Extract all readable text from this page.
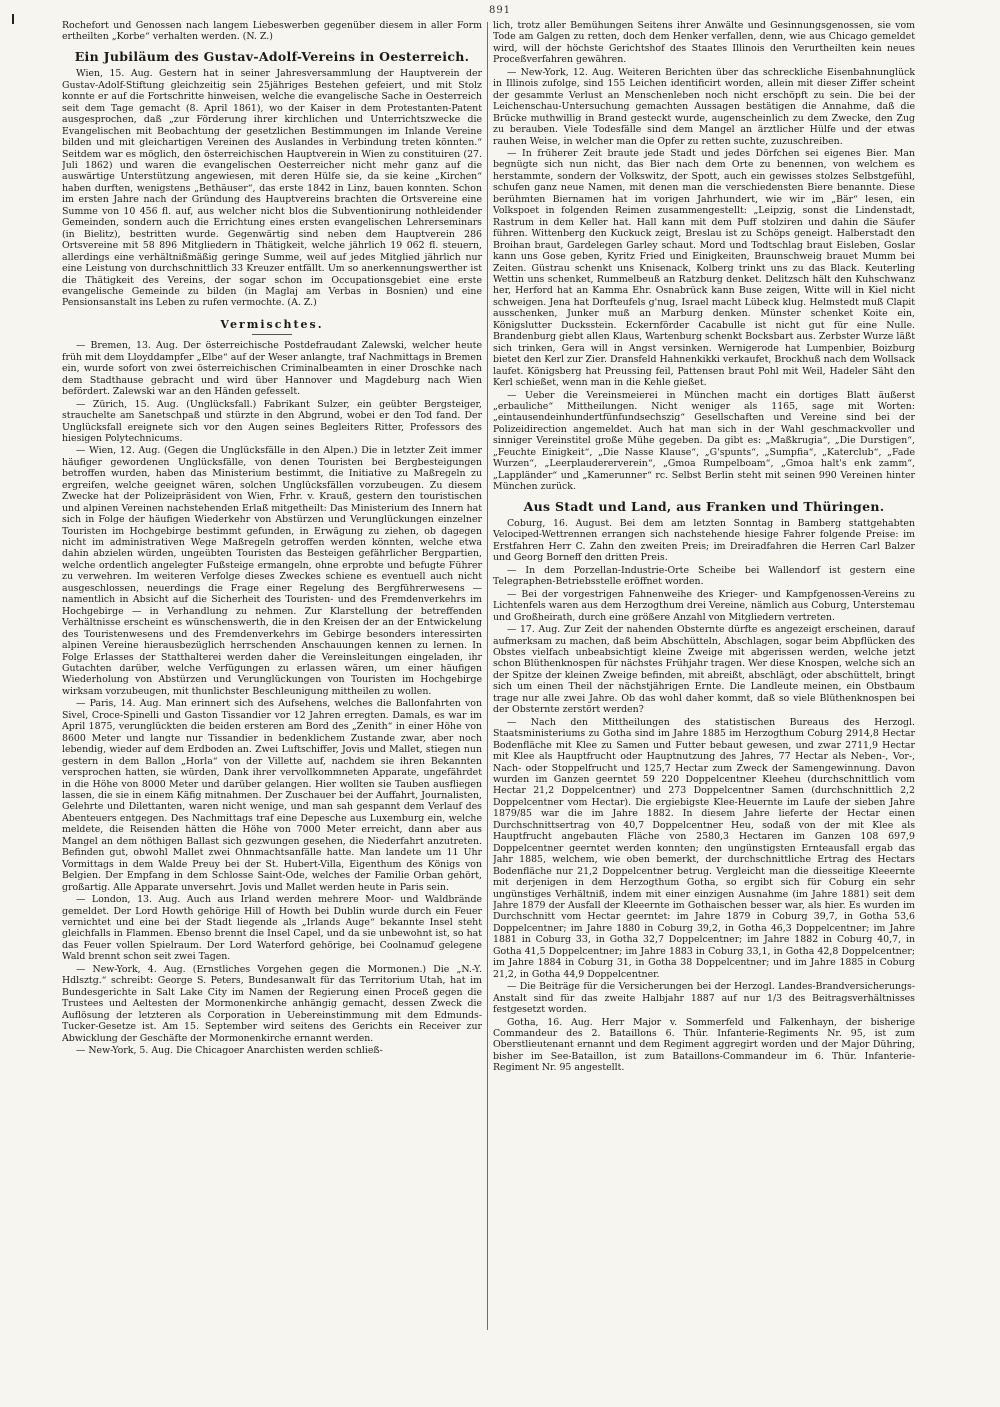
891

Rochefort und Genossen nach langem Liebeswerben gegenüber diesem in aller Form ertheilten „Korbe“ verhalten werden. (N. Z.)

Ein Jubiläum des Gustav-Adolf-Vereins in Oesterreich.

Wien, 15. Aug. Gestern hat in seiner Jahresversammlung der Hauptverein der Gustav-Adolf-Stiftung gleichzeitig sein 25jähriges Bestehen gefeiert, und mit Stolz konnte er auf die Fortschritte hinweisen, welche die evangelische Sache in Oesterreich seit dem Tage gemacht (8. April 1861), wo der Kaiser in dem Protestanten-Patent ausgesprochen, daß „zur Förderung ihrer kirchlichen und Unterrichtszwecke die Evangelischen mit Beobachtung der gesetzlichen Bestimmungen im Inlande Vereine bilden und mit gleichartigen Vereinen des Auslandes in Verbindung treten könnten.“ Seitdem war es möglich, den österreichischen Hauptverein in Wien zu constituiren (27. Juli 1862) und waren die evangelischen Oesterreicher nicht mehr ganz auf die auswärtige Unterstützung angewiesen, mit deren Hülfe sie, da sie keine „Kirchen“ haben durften, wenigstens „Bethäuser“, das erste 1842 in Linz, bauen konnten. Schon im ersten Jahre nach der Gründung des Hauptvereins brachten die Ortsvereine eine Summe von 10 456 fl. auf, aus welcher nicht blos die Subventionirung nothleidender Gemeinden, sondern auch die Errichtung eines ersten evangelischen Lehrerseminars (in Bielitz), bestritten wurde. Gegenwärtig sind neben dem Hauptverein 286 Ortsvereine mit 58 896 Mitgliedern in Thätigkeit, welche jährlich 19 062 fl. steuern, allerdings eine verhältnißmäßig geringe Summe, weil auf jedes Mitglied jährlich nur eine Leistung von durchschnittlich 33 Kreuzer entfällt. Um so anerkennungswerther ist die Thätigkeit des Vereins, der sogar schon im Occupationsgebiet eine erste evangelische Gemeinde zu bilden (in Maglaj am Verbas in Bosnien) und eine Pensionsanstalt ins Leben zu rufen vermochte. (A. Z.)

Vermischtes.

— Bremen, 13. Aug. Der österreichische Postdefraudant Zalewski, welcher heute früh mit dem Lloyddampfer „Elbe“ auf der Weser anlangte, traf Nachmittags in Bremen ein, wurde sofort von zwei österreichischen Criminalbeamten in einer Droschke nach dem Stadthause gebracht und wird über Hannover und Magdeburg nach Wien befördert. Zalewski war an den Händen gefesselt.

— Zürich, 15. Aug. (Unglücksfall.) Fabrikant Sulzer, ein geübter Bergsteiger, strauchelte am Sanetschpaß und stürzte in den Abgrund, wobei er den Tod fand. Der Unglücksfall ereignete sich vor den Augen seines Begleiters Ritter, Professors des hiesigen Polytechnicums.

— Wien, 12. Aug. (Gegen die Unglücksfälle in den Alpen.) Die in letzter Zeit immer häufiger gewordenen Unglücksfälle, von denen Touristen bei Bergbesteigungen betroffen wurden, haben das Ministerium bestimmt, die Initiative zu Maßregeln zu ergreifen, welche geeignet wären, solchen Unglücksfällen vorzubeugen. Zu diesem Zwecke hat der Polizeipräsident von Wien, Frhr. v. Krauß, gestern den touristischen und alpinen Vereinen nachstehenden Erlaß mitgetheilt: Das Ministerium des Innern hat sich in Folge der häufigen Wiederkehr von Abstürzen und Verunglückungen einzelner Touristen im Hochgebirge bestimmt gefunden, in Erwägung zu ziehen, ob dagegen nicht im administrativen Wege Maßregeln getroffen werden könnten, welche etwa dahin abzielen würden, ungeübten Touristen das Besteigen gefährlicher Bergpartien, welche ordentlich angelegter Fußsteige ermangeln, ohne erprobte und befugte Führer zu verwehren. Im weiteren Verfolge dieses Zweckes schiene es eventuell auch nicht ausgeschlossen, neuerdings die Frage einer Regelung des Bergführerwesens — namentlich in Absicht auf die Sicherheit des Touristen- und des Fremdenverkehrs im Hochgebirge — in Verhandlung zu nehmen. Zur Klarstellung der betreffenden Verhältnisse erscheint es wünschenswerth, die in den Kreisen der an der Entwickelung des Touristenwesens und des Fremdenverkehrs im Gebirge besonders interessirten alpinen Vereine hierausbezüglich herrschenden Anschauungen kennen zu lernen. In Folge Erlasses der Statthalterei werden daher die Vereinsleitungen eingeladen, ihr Gutachten darüber, welche Verfügungen zu erlassen wären, um einer häufigen Wiederholung von Abstürzen und Verunglückungen von Touristen im Hochgebirge wirksam vorzubeugen, mit thunlichster Beschleunigung mittheilen zu wollen.

— Paris, 14. Aug. Man erinnert sich des Aufsehens, welches die Ballonfahrten von Sivel, Croce-Spinelli und Gaston Tissandier vor 12 Jahren erregten. Damals, es war im April 1875, verunglückten die beiden ersteren am Bord des „Zenith“ in einer Höhe von 8600 Meter und langte nur Tissandier in bedenklichem Zustande zwar, aber noch lebendig, wieder auf dem Erdboden an. Zwei Luftschiffer, Jovis und Mallet, stiegen nun gestern in dem Ballon „Horla“ von der Villette auf, nachdem sie ihren Bekannten versprochen hatten, sie würden, Dank ihrer vervollkommneten Apparate, ungefährdet in die Höhe von 8000 Meter und darüber gelangen. Hier wollten sie Tauben ausfliegen lassen, die sie in einem Käfig mitnahmen. Der Zuschauer bei der Auffahrt, Journalisten, Gelehrte und Dilettanten, waren nicht wenige, und man sah gespannt dem Verlauf des Abenteuers entgegen. Des Nachmittags traf eine Depesche aus Luxemburg ein, welche meldete, die Reisenden hätten die Höhe von 7000 Meter erreicht, dann aber aus Mangel an dem nöthigen Ballast sich gezwungen gesehen, die Niederfahrt anzutreten. Befinden gut, obwohl Mallet zwei Ohnmachtsanfälle hatte. Man landete um 11 Uhr Vormittags in dem Walde Preuy bei der St. Hubert-Villa, Eigenthum des Königs von Belgien. Der Empfang in dem Schlosse Saint-Ode, welches der Familie Orban gehört, großartig. Alle Apparate unversehrt. Jovis und Mallet werden heute in Paris sein.

— London, 13. Aug. Auch aus Irland werden mehrere Moor- und Waldbrände gemeldet. Der Lord Howth gehörige Hill of Howth bei Dublin wurde durch ein Feuer vernichtet und eine bei der Stadt liegende als „Irlands Auge“ bekannte Insel steht gleichfalls in Flammen. Ebenso brennt die Insel Capel, und da sie unbewohnt ist, so hat das Feuer vollen Spielraum. Der Lord Waterford gehörige, bei Coolnamuď gelegene Wald brennt schon seit zwei Tagen.

— New-York, 4. Aug. (Ernstliches Vorgehen gegen die Mormonen.) Die „N.-Y. Hdlsztg.“ schreibt: George S. Peters, Bundesanwalt für das Territorium Utah, hat im Bundesgerichte in Salt Lake City im Namen der Regierung einen Proceß gegen die Trustees und Aeltesten der Mormonenkirche anhängig gemacht, dessen Zweck die Auflösung der letzteren als Corporation in Uebereinstimmung mit dem Edmunds-Tucker-Gesetze ist. Am 15. September wird seitens des Gerichts ein Receiver zur Abwicklung der Geschäfte der Mormonenkirche ernannt werden.

— New-York, 5. Aug. Die Chicagoer Anarchisten werden schließ-

lich, trotz aller Bemühungen Seitens ihrer Anwälte und Gesinnungsgenossen, sie vom Tode am Galgen zu retten, doch dem Henker verfallen, denn, wie aus Chicago gemeldet wird, will der höchste Gerichtshof des Staates Illinois den Verurtheilten kein neues Proceßverfahren gewähren.

— New-York, 12. Aug. Weiteren Berichten über das schreckliche Eisenbahnunglück in Illinois zufolge, sind 155 Leichen identificirt worden, allein mit dieser Ziffer scheint der gesammte Verlust an Menschenleben noch nicht erschöpft zu sein. Die bei der Leichenschau-Untersuchung gemachten Aussagen bestätigen die Annahme, daß die Brücke muthwillig in Brand gesteckt wurde, augenscheinlich zu dem Zwecke, den Zug zu berauben. Viele Todesfälle sind dem Mangel an ärztlicher Hülfe und der etwas rauhen Weise, in welcher man die Opfer zu retten suchte, zuzuschreiben.

— In früherer Zeit braute jede Stadt und jedes Dörfchen sei eigenes Bier. Man begnügte sich nun nicht, das Bier nach dem Orte zu benennen, von welchem es herstammte, sondern der Volkswitz, der Spott, auch ein gewisses stolzes Selbstgefühl, schufen ganz neue Namen, mit denen man die verschiedensten Biere benannte. Diese berühmten Biernamen hat im vorigen Jahrhundert, wie wir im „Bär“ lesen, ein Volkspoet in folgenden Reimen zusammengestellt: „Leipzig, sonst die Lindenstadt, Rastrum in dem Keller hat. Hall kann mit dem Puff stolziren und dahin die Säufer führen. Wittenberg den Kuckuck zeigt, Breslau ist zu Schöps geneigt. Halberstadt den Broihan braut, Gardelegen Garley schaut. Mord und Todtschlag braut Eisleben, Goslar kann uns Gose geben, Kyritz Fried und Einigkeiten, Braunschweig brauet Mumm bei Zeiten. Güstrau schenkt uns Knisenack, Kolberg trinkt uns zu das Black. Keuterling Wettin uns schenket, Rummelbeuß an Ratzburg denket. Delitzsch hält den Kuhschwanz her, Herford hat an Kamma Ehr. Osnabrück kann Buse zeigen, Witte will in Kiel nicht schweigen. Jena hat Dorfteufels g'nug, Israel macht Lübeck klug. Helmstedt muß Clapit ausschenken, Junker muß an Marburg denken. Münster schenket Koite ein, Königslutter Ducksstein. Eckernförder Cacabulle ist nicht gut für eine Nulle. Brandenburg giebt allen Klaus, Wartenburg schenkt Bocksbart aus. Zerbster Wurze läßt sich trinken, Gera will in Angst versinken. Wernigerode hat Lumpenbier, Boizburg bietet den Kerl zur Zier. Dransfeld Hahnenkikki verkaufet, Brockhuß nach dem Wollsack laufet. Königsberg hat Preussing feil, Pattensen braut Pohl mit Weil, Hadeler Säht den Kerl schießet, wenn man in die Kehle gießet.

— Ueber die Vereinsmeierei in München macht ein dortiges Blatt äußerst „erbauliche“ Mittheilungen. Nicht weniger als 1165, sage mit Worten: „eintausendeinhundertfünfundsechszig“ Gesellschaften und Vereine sind bei der Polizeidirection angemeldet. Auch hat man sich in der Wahl geschmackvoller und sinniger Vereinstitel große Mühe gegeben. Da gibt es: „Maßkrugia“, „Die Durstigen“, „Feuchte Einigkeit“, „Die Nasse Klause“, „G'spunts“, „Sumpfia“, „Katerclub“, „Fade Wurzen“, „Leerplaudererverein“, „Gmoa Rumpelboam“, „Gmoa halt's enk zamm“, „Lappländer“ und „Kamerunner“ rc. Selbst Berlin steht mit seinen 990 Vereinen hinter München zurück.

Aus Stadt und Land, aus Franken und Thüringen.

Coburg, 16. August. Bei dem am letzten Sonntag in Bamberg stattgehabten Velociped-Wettrennen errangen sich nachstehende hiesige Fahrer folgende Preise: im Erstfahren Herr C. Zahn den zweiten Preis; im Dreiradfahren die Herren Carl Balzer und Georg Borneff den dritten Preis.

— In dem Porzellan-Industrie-Orte Scheibe bei Wallendorf ist gestern eine Telegraphen-Betriebsstelle eröffnet worden.

— Bei der vorgestrigen Fahnenweihe des Krieger- und Kampfgenossen-Vereins zu Lichtenfels waren aus dem Herzogthum drei Vereine, nämlich aus Coburg, Unterstemau und Großheirath, durch eine größere Anzahl von Mitgliedern vertreten.

— 17. Aug. Zur Zeit der nahenden Obsternte dürfte es angezeigt erscheinen, darauf aufmerksam zu machen, daß beim Abschütteln, Abschlagen, sogar beim Abpflücken des Obstes vielfach unbeabsichtigt kleine Zweige mit abgerissen werden, welche jetzt schon Blüthenknospen für nächstes Frühjahr tragen. Wer diese Knospen, welche sich an der Spitze der kleinen Zweige befinden, mit abreißt, abschlägt, oder abschüttelt, bringt sich um einen Theil der nächstjährigen Ernte. Die Landleute meinen, ein Obstbaum trage nur alle zwei Jahre. Ob das wohl daher kommt, daß so viele Blüthenknospen bei der Obsternte zerstört werden?

— Nach den Mittheilungen des statistischen Bureaus des Herzogl. Staatsministeriums zu Gotha sind im Jahre 1885 im Herzogthum Coburg 2914,8 Hectar Bodenfläche mit Klee zu Samen und Futter bebaut gewesen, und zwar 2711,9 Hectar mit Klee als Hauptfrucht oder Hauptnutzung des Jahres, 77 Hectar als Neben-, Vor-, Nach- oder Stoppelfrucht und 125,7 Hectar zum Zweck der Samengewinnung. Davon wurden im Ganzen geerntet 59 220 Doppelcentner Kleeheu (durchschnittlich vom Hectar 21,2 Doppelcentner) und 273 Doppelcentner Samen (durchschnittlich 2,2 Doppelcentner vom Hectar). Die ergiebigste Klee-Heuernte im Laufe der sieben Jahre 1879/85 war die im Jahre 1882. In diesem Jahre lieferte der Hectar einen Durchschnittsertrag von 40,7 Doppelcentner Heu, sodaß von der mit Klee als Hauptfrucht angebauten Fläche von 2580,3 Hectaren im Ganzen 108 697,9 Doppelcentner geerntet werden konnten; den ungünstigsten Ernteausfall ergab das Jahr 1885, welchem, wie oben bemerkt, der durchschnittliche Ertrag des Hectars Bodenfläche nur 21,2 Doppelcentner betrug. Vergleicht man die diesseitige Kleeernte mit derjenigen in dem Herzogthum Gotha, so ergibt sich für Coburg ein sehr ungünstiges Verhältniß, indem mit einer einzigen Ausnahme (im Jahre 1881) seit dem Jahre 1879 der Ausfall der Kleeernte im Gothaischen besser war, als hier. Es wurden im Durchschnitt vom Hectar geerntet: im Jahre 1879 in Coburg 39,7, in Gotha 53,6 Doppelcentner; im Jahre 1880 in Coburg 39,2, in Gotha 46,3 Doppelcentner; im Jahre 1881 in Coburg 33, in Gotha 32,7 Doppelcentner; im Jahre 1882 in Coburg 40,7, in Gotha 41,5 Doppelcentner; im Jahre 1883 in Coburg 33,1, in Gotha 42,8 Doppelcentner; im Jahre 1884 in Coburg 31, in Gotha 38 Doppelcentner; und im Jahre 1885 in Coburg 21,2, in Gotha 44,9 Doppelcentner.

— Die Beiträge für die Versicherungen bei der Herzogl. Landes-Brandversicherungs-Anstalt sind für das zweite Halbjahr 1887 auf nur 1/3 des Beitragsverhältnisses festgesetzt worden.

Gotha, 16. Aug. Herr Major v. Sommerfeld und Falkenhayn, der bisherige Commandeur des 2. Bataillons 6. Thür. Infanterie-Regiments Nr. 95, ist zum Oberstlieutenant ernannt und dem Regiment aggregirt worden und der Major Dühring, bisher im See-Bataillon, ist zum Bataillons-Commandeur im 6. Thür. Infanterie-Regiment Nr. 95 angestellt.
